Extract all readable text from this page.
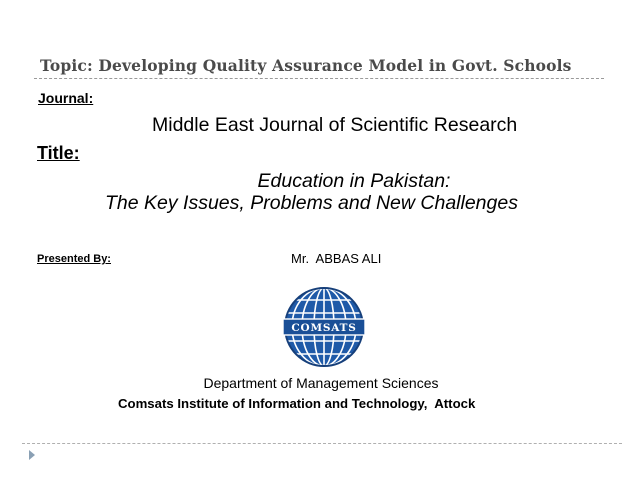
Topic: Developing Quality Assurance Model in Govt. Schools
Journal:
Middle East Journal of Scientific Research
Title:
Education in Pakistan:
The Key Issues, Problems and New Challenges
Presented By:	Mr.  ABBAS ALI
COMSATS
Department of Management Sciences
Comsats Institute of Information and Technology,  Attock
